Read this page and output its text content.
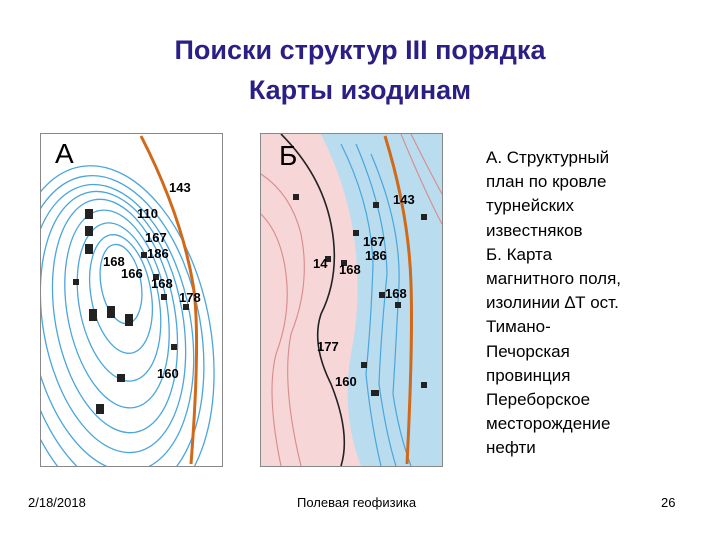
Поиски структур III порядка
Карты изодинам
А
143
110
167
186
168
166
168
178
160
Б
143
167
186
14 168
168
177
160
А. Структурный
план по кровле
турнейских
известняков
Б. Карта
магнитного поля,
изолинии ∆Т ост.
Тимано-
Печорская
провинция
Переборское
месторождение
нефти
2/18/2018	Полевая геофизика	26
